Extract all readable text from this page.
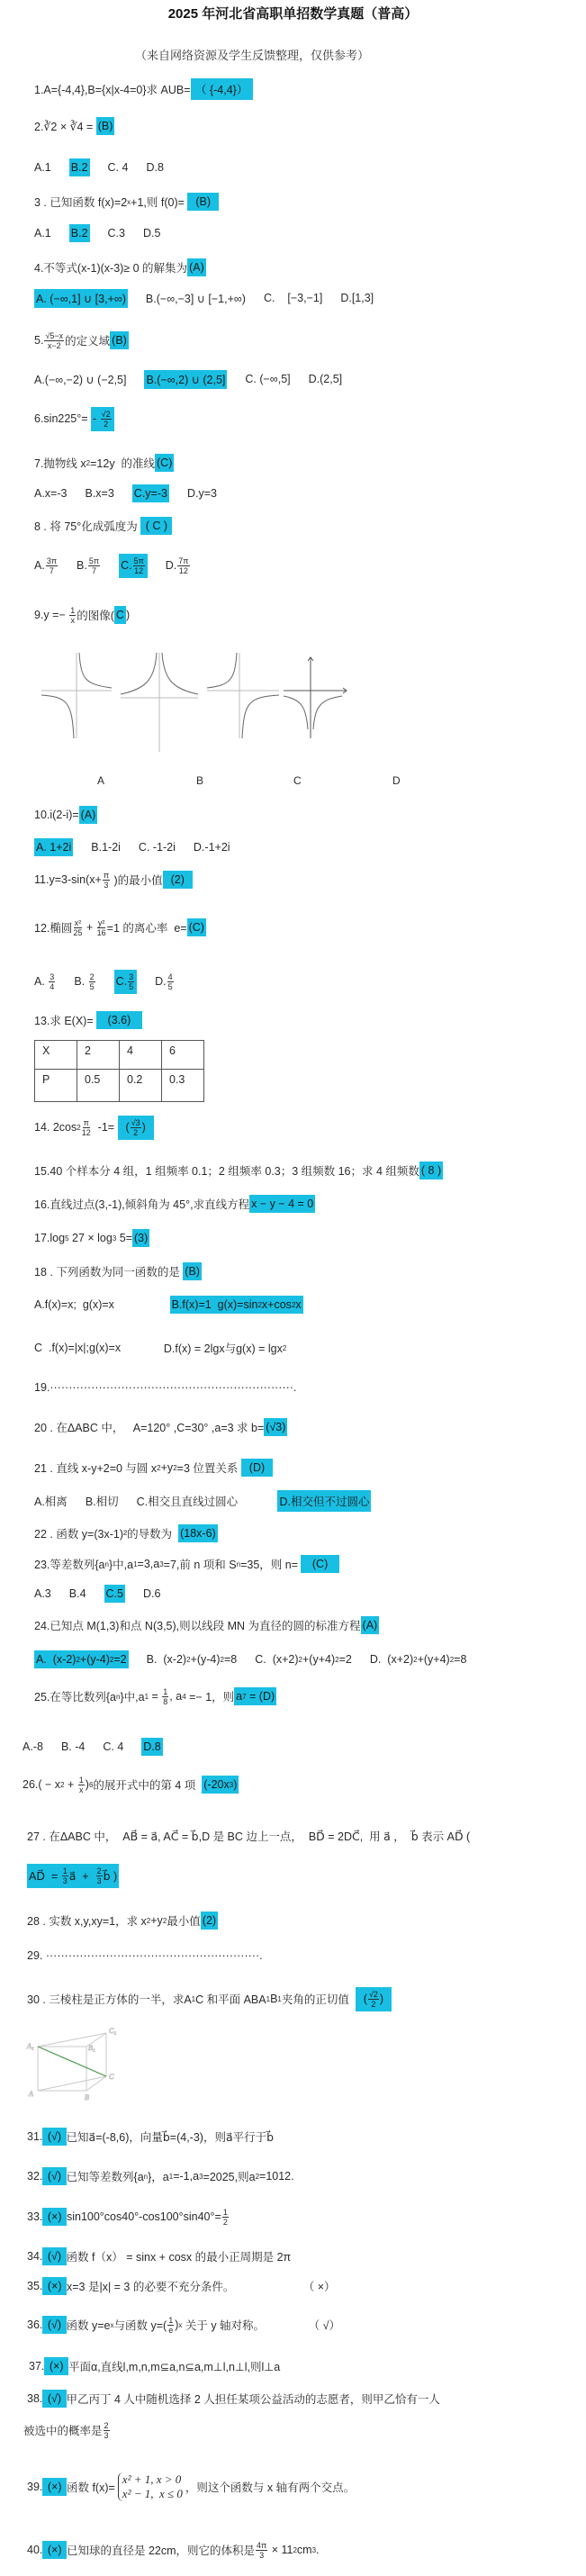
2025 年河北省高职单招数学真题（普高）
（来自网络资源及学生反馈整理，仅供参考）
1.A={-4,4},B={x|x-4=0}求 AUB= （ {-4,4}）
2.∛2 × ∛4 = (B)
A.1 B.2 C. 4 D.8
3 . 已知函数 f(x)=2 x +1,则 f(0)= (B)
A.1 B.2 C.3 D.5
4.不等式(x-1)(x-3)≥ 0 的解集为 (A)
A. (−∞,1] ∪ [3,+∞) B.(−∞,−3] ∪ [−1,+∞) C.    [−3,−1] D.[1,3]
5. $\frac{√5-x}{x-2}$ 的定义域 (B)
A.(−∞,−2) ∪ (−2,5] B.(−∞,2) ∪ (2,5] C. (−∞,5] D.(2,5]
$6.\sin 225^\circ= - \frac{√2}{2}$
7.抛物线 x 2 =12y  的准线 (C)
A.x=-3 B.x=3 C.y=-3 D.y=3
8 . 将 75°化成弧度为 ( C )
A. $\frac{3\pi}{7} B$. $\frac{5\pi}{7} C$. $\frac{5\pi}{12} D$. $\frac{7\pi}{12}$
$9.y =- \frac{1}{x}$ 的图像( C )
10.i(2-i)= (A)
A. 1+2i B.1-2i C. -1-2i D.-1+2i
$11.y=3-\sin(x+ \frac{\pi}{3}$ )的最小值 (2)
12.椭圆 $\frac{\text{x²}}{25} + \frac{\text{y²}}{16} =1$ 的离心率  e= (C)
A. $\frac{3}{4} B$. $\frac{2}{5} C$. $\frac{3}{5} D$. $\frac{4}{5}$
13.求 E(X)= (3.6)
14. 2cos $2 \frac{\pi}{12} -1=$ ( $\frac{√3}{2}$ )
15.40 个样本分 4 组，1 组频率 0.1；2 组频率 0.3；3 组频数 16；求 4 组频数 ( 8 )
16.直线过点(3,-1),倾斜角为 45°,求直线方程 x − y − 4 = 0
17.log 5 27 × log 3 5= (3)
18 . 下列函数为同一函数的是 (B)
A.f(x)=x;  g(x)=x B.f(x)=1  g(x)=sin 2 x+cos 2 x
C  .f(x)=|x|;g(x)=x D.f(x) = 2lgx与g(x) = lgx 2
19.·································································.
20 . 在ΔABC 中，   A=120° ,C=30° ,a=3 求 b= (√3)
21 . 直线 x-y+2=0 与圆 x 2 +y 2 =3 位置关系 (D)
A.相离 B.相切 C.相交且直线过圆心 D.相交但不过圆心
22 . 函数 y=(3x-1)²的导数为 (18x-6)
23.等差数列{a n }中,a 1 =3,a 3 =7,前 n 项和 S n =35，则 n= (C)
A.3 B.4 C.5 D.6
24.已知点 M(1,3)和点 N(3,5),则以线段 MN 为直径的圆的标准方程 (A)
A.  (x-2) 2 +(y-4) 2 =2 B.  (x-2) 2 +(y-4) 2 =8 C.  (x+2) 2 +(y+4) 2 =2 D.  (x+2) 2 +(y+4) 2 =8
25.在等比数列{a n }中,a $1 = \frac{1}{8}$ , a 4 =− 1，则 a 7 = (D)
A.-8 B. -4 C. 4 D.8
26.( − x $2 + \frac{1}{x}$ ) 6 的展开式中的第 4 项 (-20x 3 )
27 . 在ΔABC 中，  AB⃗ = a⃗, AC⃗ = b⃗,D 是 BC 边上一点，  BD⃗ = 2DC⃗,  用 a⃗ ，  b⃗ 表示 AD⃗ (
AD⃗  = $\frac{1}{3}$ a⃗  + $\frac{2}{3}$ b⃗ )
28 . 实数 x,y,xy=1，求 x 2 +y 2 最小值 (2)
29. ·························································.
30 . 三棱柱是正方体的一半，求A 1 C 和平面 ABA 1 B 1 夹角的正切值 ( $\frac{√2}{2}$ )
31. (√) 已知a⃗=(-8,6)，向量b⃗=(4,-3)，则a⃗平行于b⃗
32. (√) 已知等差数列{a n }，a 1 =-1,a 3 =2025,则a 2 =1012.
33. (×) $\sin 100^\circ\cos 40^\circ-\cos 100^\circ\sin 40^\circ= \frac{1}{2}$
34. (√) 函数 f（x） = sinx + cosx 的最小正周期是 2π
35. (×) x=3 是|x| = 3 的必要不充分条件。                      （ ×）
36. (√) 函数 y=e x 与函数 $y=( \frac{1}{e}$ ) x 关于 y 轴对称。              （ √）
37. (×) 平面α,直线l,m,n,m⊆a,n⊆a,m⊥l,n⊥l,则l⊥a
38. (√) 甲乙丙丁 4 人中随机选择 2 人担任某项公益活动的志愿者，则甲乙恰有一人
被选中的概率是 $\frac{2}{3}$
39. (×) 函数 f(x)=
x² + 1, x > 0
x² − 1,  x ≤ 0 ，则这个函数与 x 轴有两个交点。
40. (×) 已知球的直径是 22cm，则它的体积是 $\frac{4\pi}{3} \times 11$ 2 cm 3 .
A	B	C	D
X	2	4	6
P	0.5	0.2	0.3
A₁	B₁
C₁
A	B
C
